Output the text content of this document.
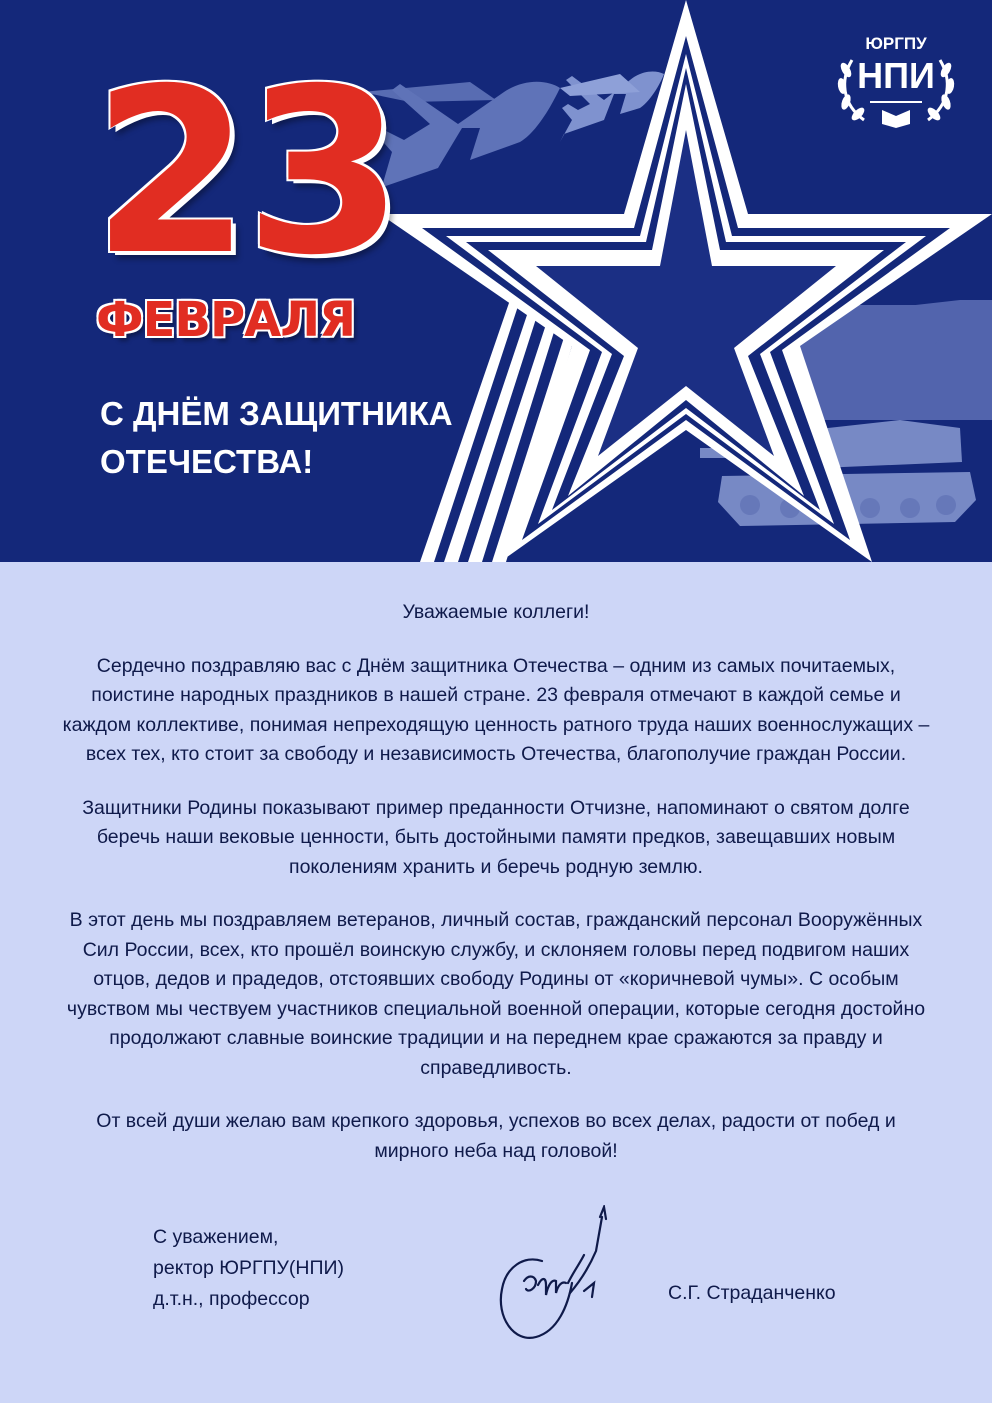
23
ФЕВРАЛЯ
С ДНЁМ ЗАЩИТНИКА
ОТЕЧЕСТВА!
ЮРГПУ
НПИ

Уважаемые коллеги!

Сердечно поздравляю вас с Днём защитника Отечества – одним из самых почитаемых, поистине народных праздников в нашей стране. 23 февраля отмечают в каждой семье и каждом коллективе, понимая непреходящую ценность ратного труда наших военнослужащих – всех тех, кто стоит за свободу и независимость Отечества, благополучие граждан России.

Защитники Родины показывают пример преданности Отчизне, напоминают о святом долге беречь наши вековые ценности, быть достойными памяти предков, завещавших новым поколениям хранить и беречь родную землю.

В этот день мы поздравляем ветеранов, личный состав, гражданский персонал Вооружённых Сил России, всех, кто прошёл воинскую службу, и склоняем головы перед подвигом наших отцов, дедов и прадедов, отстоявших свободу Родины от «коричневой чумы». С особым чувством мы чествуем участников специальной военной операции, которые сегодня достойно продолжают славные воинские традиции и на переднем крае сражаются за правду и справедливость.

От всей души желаю вам крепкого здоровья, успехов во всех делах, радости от побед и мирного неба над головой!

С уважением,
ректор ЮРГПУ(НПИ)
д.т.н., профессор	С.Г. Страданченко
